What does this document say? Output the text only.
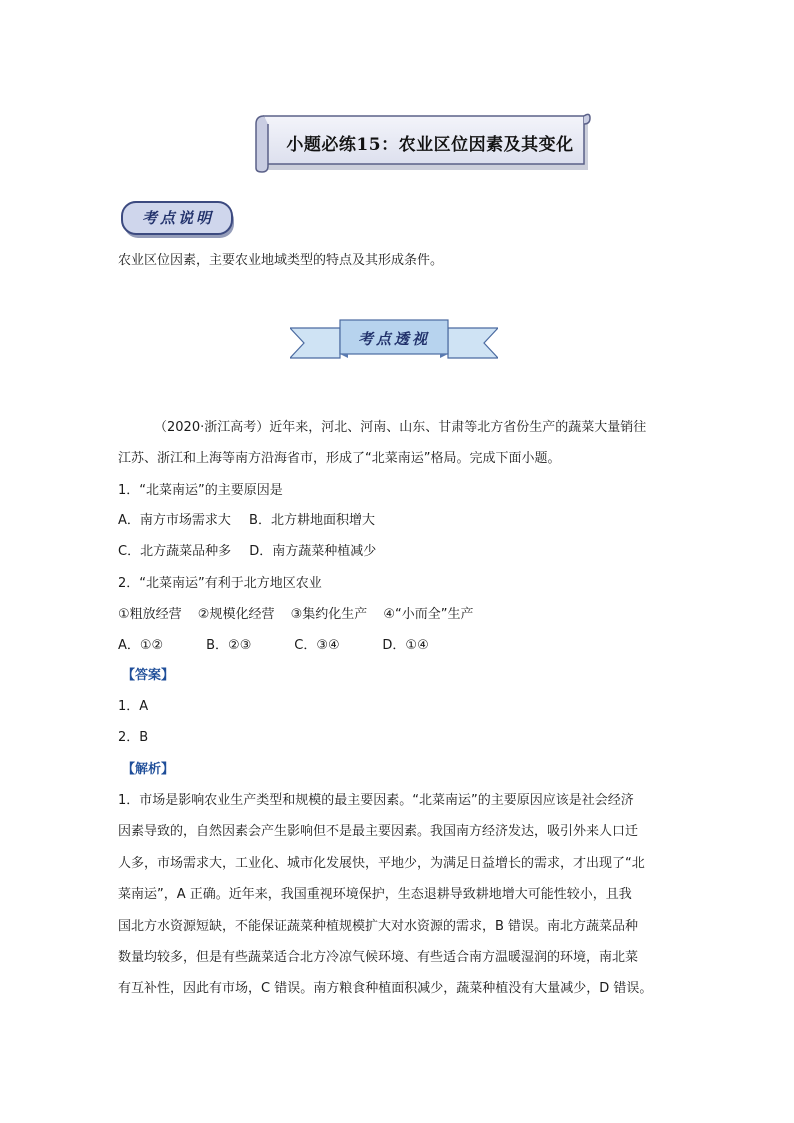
小题必练15：农业区位因素及其变化
考点说明
农业区位因素，主要农业地域类型的特点及其形成条件。
考点透视
（2020·浙江高考）近年来，河北、河南、山东、甘肃等北方省份生产的蔬菜大量销往
江苏、浙江和上海等南方沿海省市，形成了“北菜南运”格局。完成下面小题。
1．“北菜南运”的主要原因是
A．南方市场需求大 B．北方耕地面积增大
C．北方蔬菜品种多 D．南方蔬菜种植减少
2．“北菜南运”有利于北方地区农业
①粗放经营 ②规模化经营 ③集约化生产 ④“小而全”生产
A．①②	B．②③	C．③④	D．①④
【答案】
1．A
2．B
【解析】
1．市场是影响农业生产类型和规模的最主要因素。“北菜南运”的主要原因应该是社会经济
因素导致的，自然因素会产生影响但不是最主要因素。我国南方经济发达，吸引外来人口迁
人多，市场需求大，工业化、城市化发展快，平地少，为满足日益增长的需求，才出现了“北
菜南运”，A 正确。近年来，我国重视环境保护，生态退耕导致耕地增大可能性较小，且我
国北方水资源短缺，不能保证蔬菜种植规模扩大对水资源的需求，B 错误。南北方蔬菜品种
数量均较多，但是有些蔬菜适合北方冷凉气候环境、有些适合南方温暖湿润的环境，南北菜
有互补性，因此有市场，C 错误。南方粮食种植面积减少，蔬菜种植没有大量减少，D 错误。
